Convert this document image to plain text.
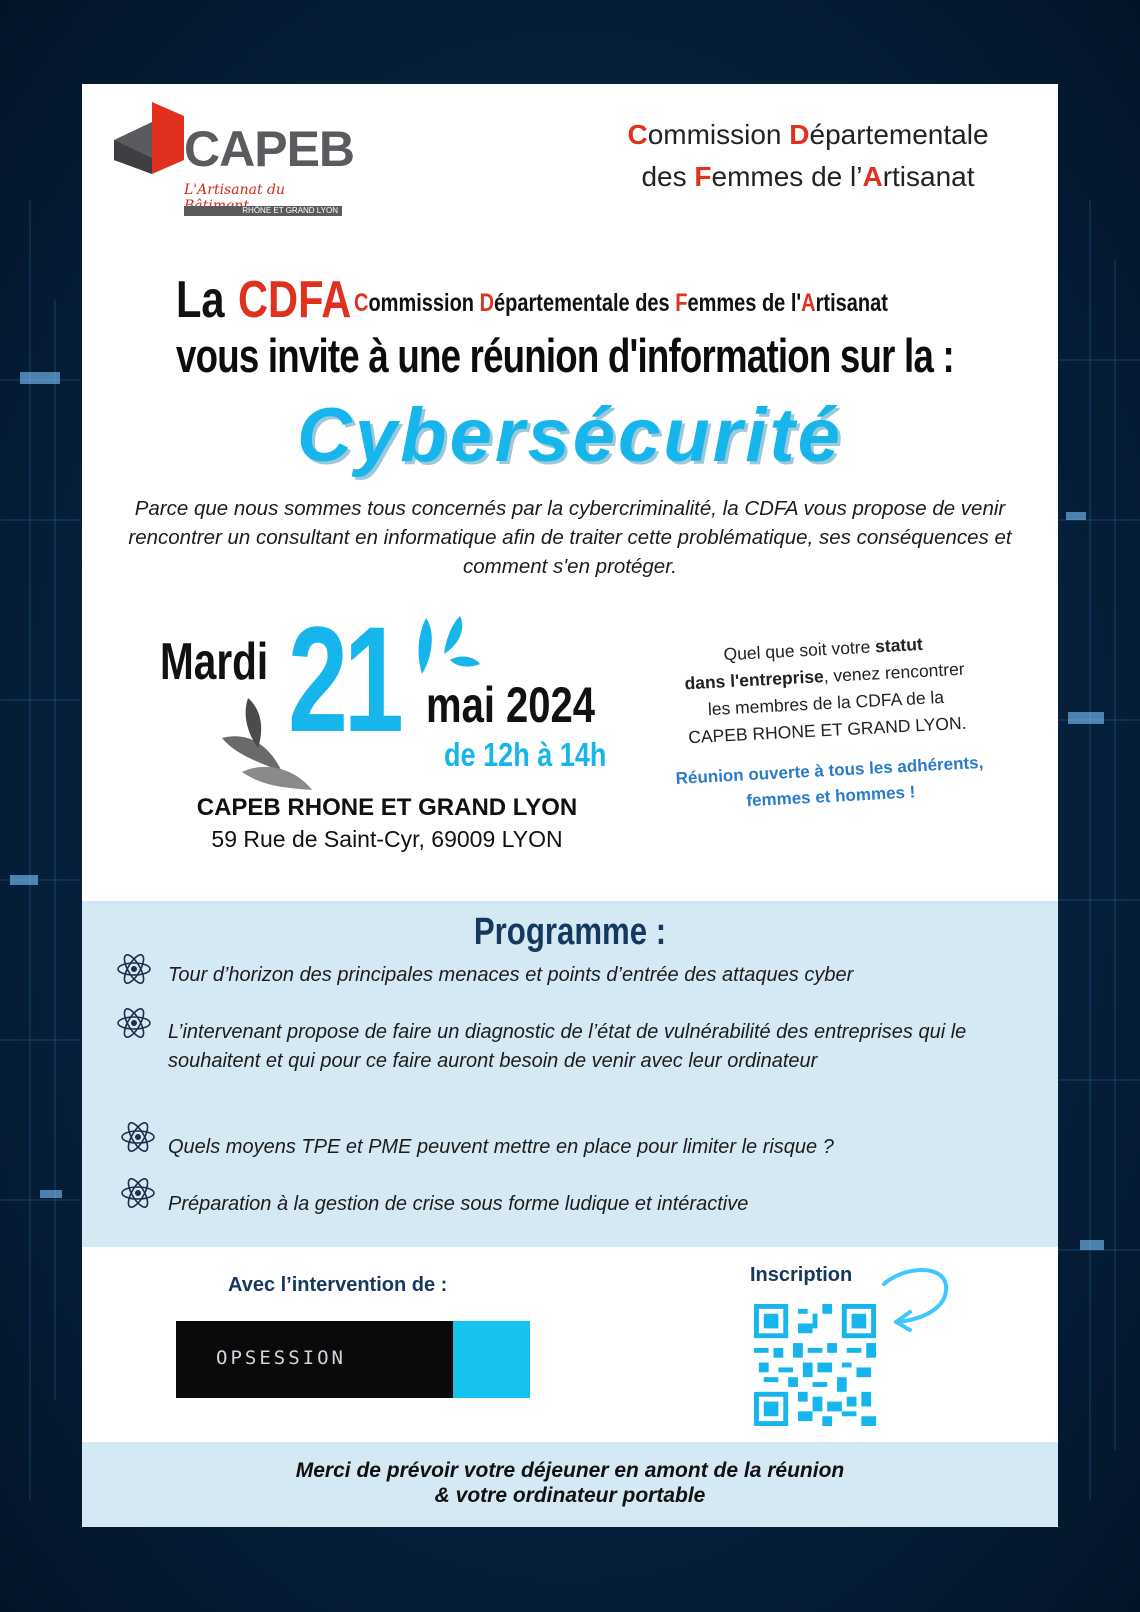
CAPEB
L'Artisanat du
RHÔNE ET GRAND LYON
Commission Départementale
des Femmes de l’Artisanat
La CDFA Commission Départementale des Femmes de l'Artisanat
vous invite à une réunion d'information sur la :
Cybersécurité
Parce que nous sommes tous concernés par la cybercriminalité, la CDFA vous propose de venir rencontrer un consultant en informatique afin de traiter cette problématique, ses conséquences et comment s'en protéger.
Mardi 21 mai 2024
de 12h à 14h
CAPEB RHONE ET GRAND LYON
59 Rue de Saint-Cyr, 69009 LYON
Quel que soit votre statut
dans l'entreprise, venez rencontrer
les membres de la CDFA de la
CAPEB RHONE ET GRAND LYON.
Réunion ouverte à tous les adhérents, femmes et hommes !
Programme :
Tour d’horizon des principales menaces et points d’entrée des attaques cyber
L’intervenant propose de faire un diagnostic de l’état de vulnérabilité des entreprises qui le souhaitent et qui pour ce faire auront besoin de venir avec leur ordinateur
Quels moyens TPE et PME peuvent mettre en place pour limiter le risque ?
Préparation à la gestion de crise sous forme ludique et intéractive
Avec l’intervention de :
OPSESSION
Inscription
Merci de prévoir votre déjeuner en amont de la réunion
& votre ordinateur portable
